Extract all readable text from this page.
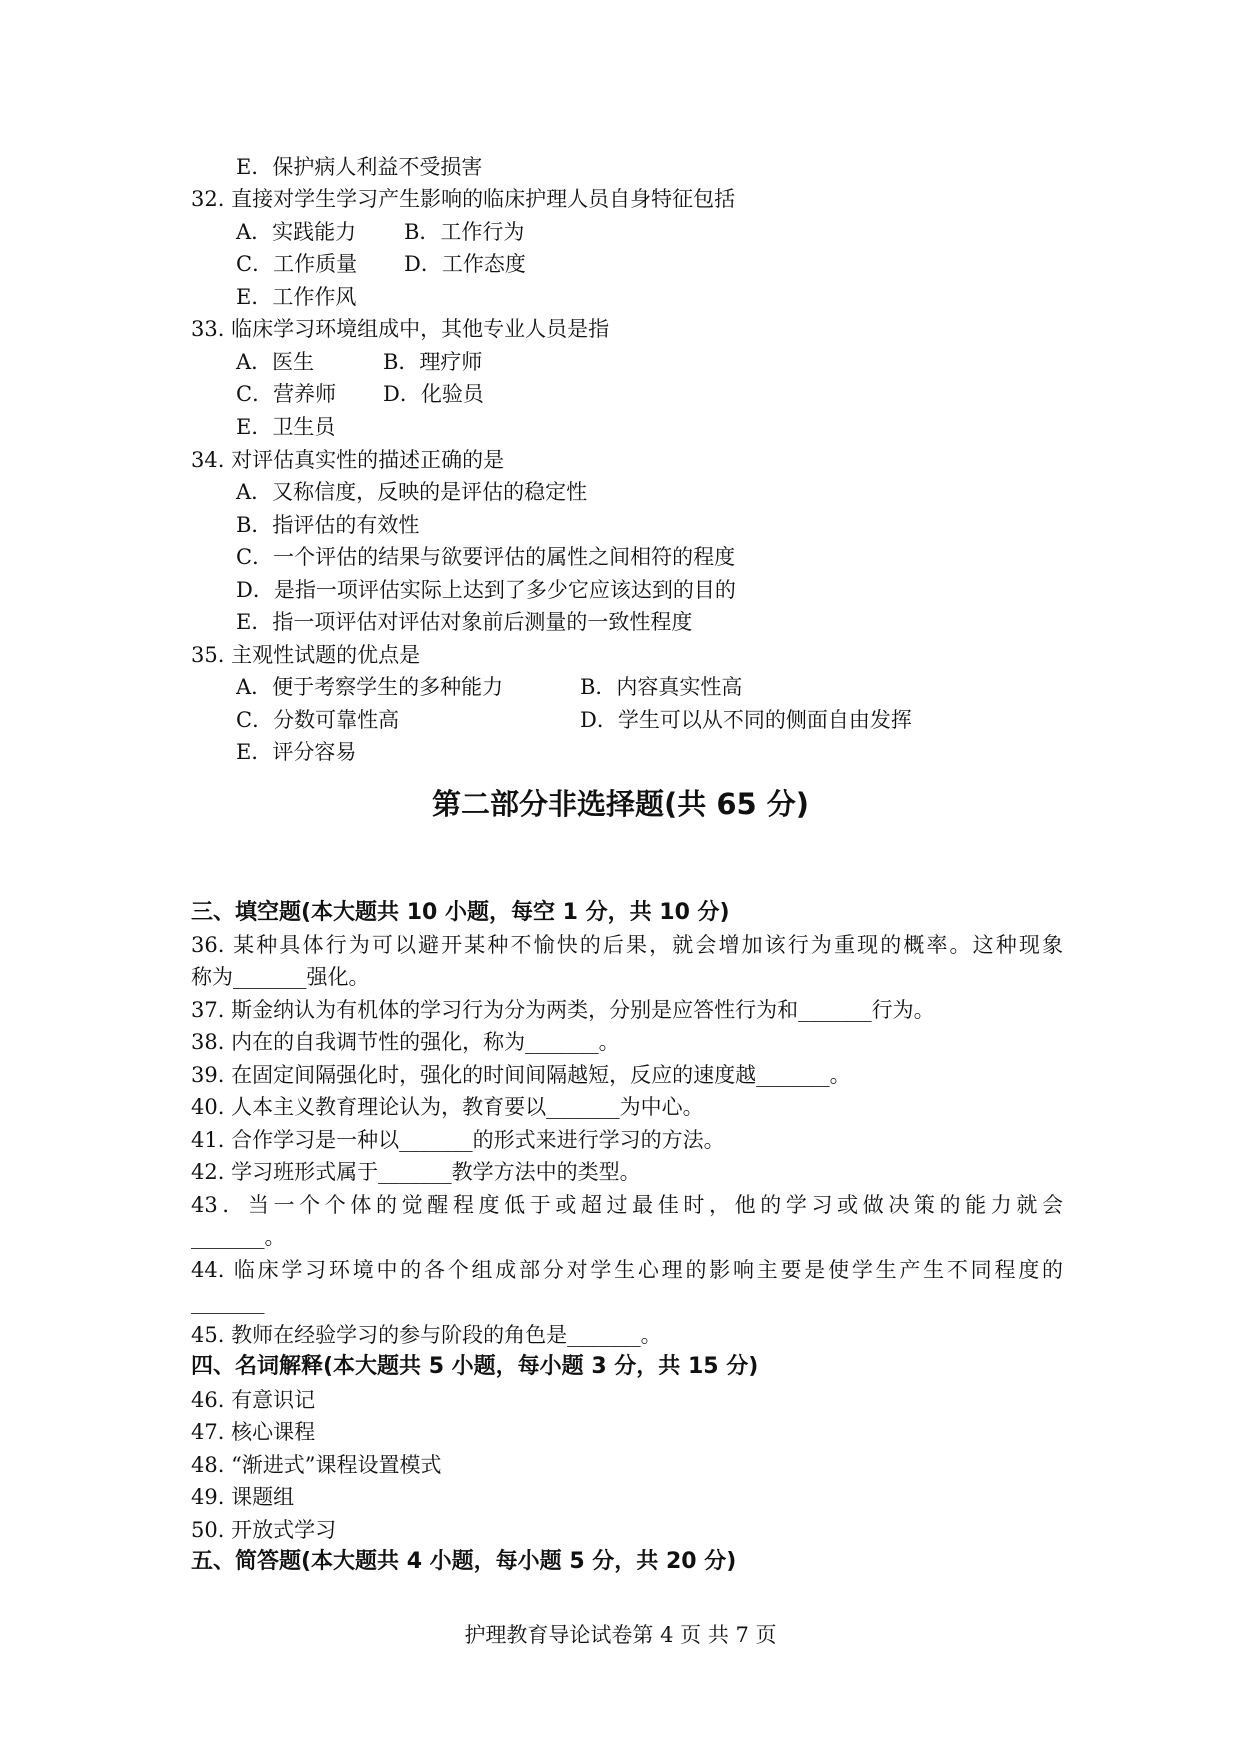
E．保护病人利益不受损害
32. 直接对学生学习产生影响的临床护理人员自身特征包括
A．实践能力 B．工作行为
C．工作质量 D．工作态度
E．工作作风
33. 临床学习环境组成中，其他专业人员是指
A．医生	B．理疗师
C．营养师 D．化验员
E．卫生员
34. 对评估真实性的描述正确的是
A．又称信度，反映的是评估的稳定性
B．指评估的有效性
C．一个评估的结果与欲要评估的属性之间相符的程度
D．是指一项评估实际上达到了多少它应该达到的目的
E．指一项评估对评估对象前后测量的一致性程度
35. 主观性试题的优点是
A．便于考察学生的多种能力	B．内容真实性高
C．分数可靠性高	D．学生可以从不同的侧面自由发挥
E．评分容易
第二部分非选择题(共 65 分)
三、填空题(本大题共 10 小题，每空 1 分，共 10 分)
36. 某种具体行为可以避开某种不愉快的后果，就会增加该行为重现的概率。这种现象
称为_______强化。
37. 斯金纳认为有机体的学习行为分为两类，分别是应答性行为和_______行为。
38. 内在的自我调节性的强化，称为_______。
39. 在固定间隔强化时，强化的时间间隔越短，反应的速度越_______。
40. 人本主义教育理论认为，教育要以_______为中心。
41. 合作学习是一种以_______的形式来进行学习的方法。
42. 学习班形式属于_______教学方法中的类型。
43．当一个个体的觉醒程度低于或超过最佳时，他的学习或做决策的能力就会
_______。
44. 临床学习环境中的各个组成部分对学生心理的影响主要是使学生产生不同程度的
_______
45. 教师在经验学习的参与阶段的角色是_______。
四、名词解释(本大题共 5 小题，每小题 3 分，共 15 分)
46. 有意识记
47. 核心课程
48. “渐进式”课程设置模式
49. 课题组
50. 开放式学习
五、简答题(本大题共 4 小题，每小题 5 分，共 20 分)
护理教育导论试卷第 4 页 共 7 页
